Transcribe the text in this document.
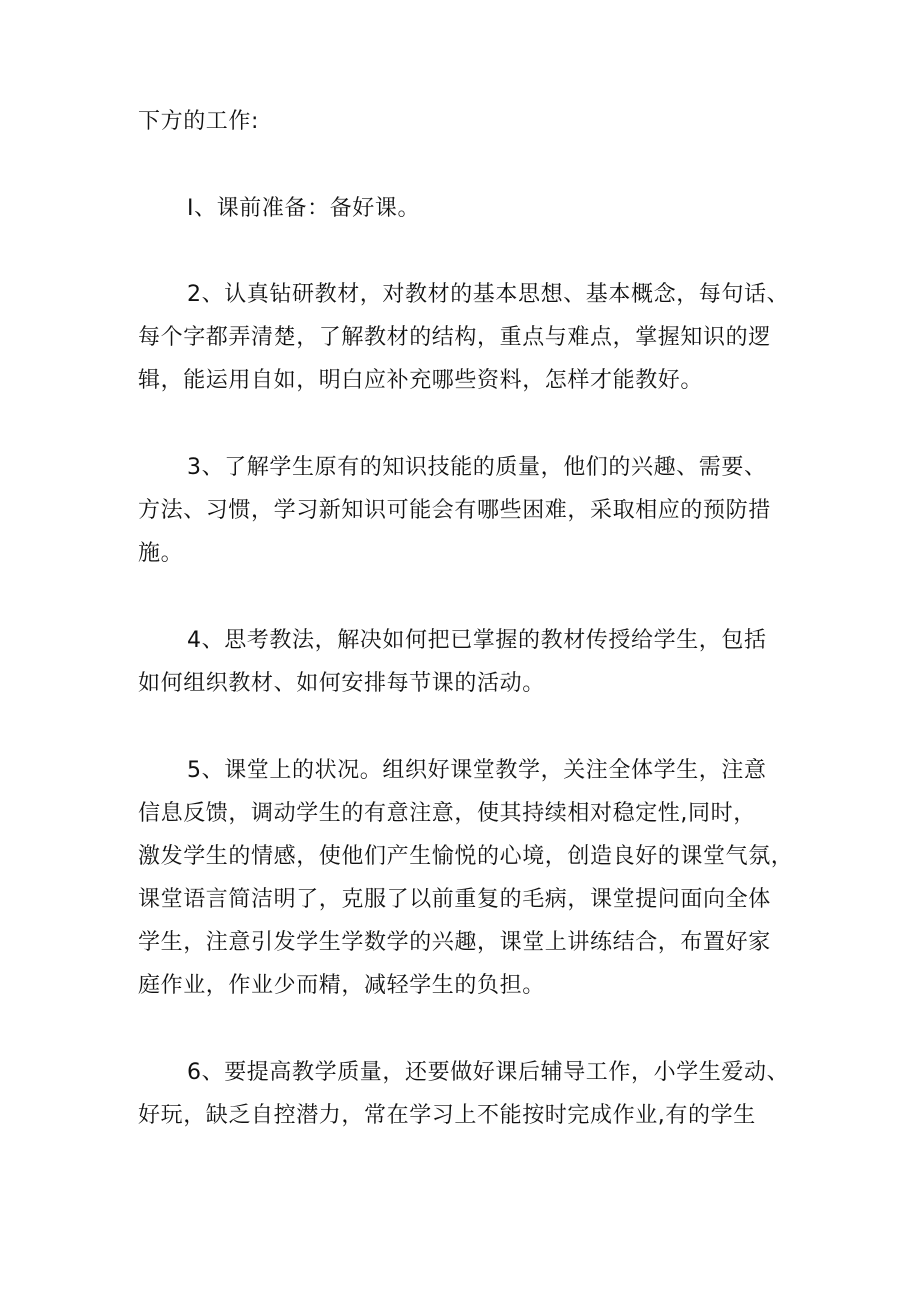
下方的工作:
I、课前准备：备好课。
2、认真钻研教材，对教材的基本思想、基本概念，每句话、
每个字都弄清楚，了解教材的结构，重点与难点，掌握知识的逻
辑，能运用自如，明白应补充哪些资料，怎样才能教好。
3、了解学生原有的知识技能的质量，他们的兴趣、需要、
方法、习惯，学习新知识可能会有哪些困难，采取相应的预防措
施。
4、思考教法，解决如何把已掌握的教材传授给学生，包括
如何组织教材、如何安排每节课的活动。
5、课堂上的状况。组织好课堂教学，关注全体学生，注意
信息反馈，调动学生的有意注意，使其持续相对稳定性,同时，
激发学生的情感，使他们产生愉悦的心境，创造良好的课堂气氛，
课堂语言简洁明了，克服了以前重复的毛病，课堂提问面向全体
学生，注意引发学生学数学的兴趣，课堂上讲练结合，布置好家
庭作业，作业少而精，减轻学生的负担。
6、要提高教学质量，还要做好课后辅导工作，小学生爱动、
好玩，缺乏自控潜力，常在学习上不能按时完成作业,有的学生
